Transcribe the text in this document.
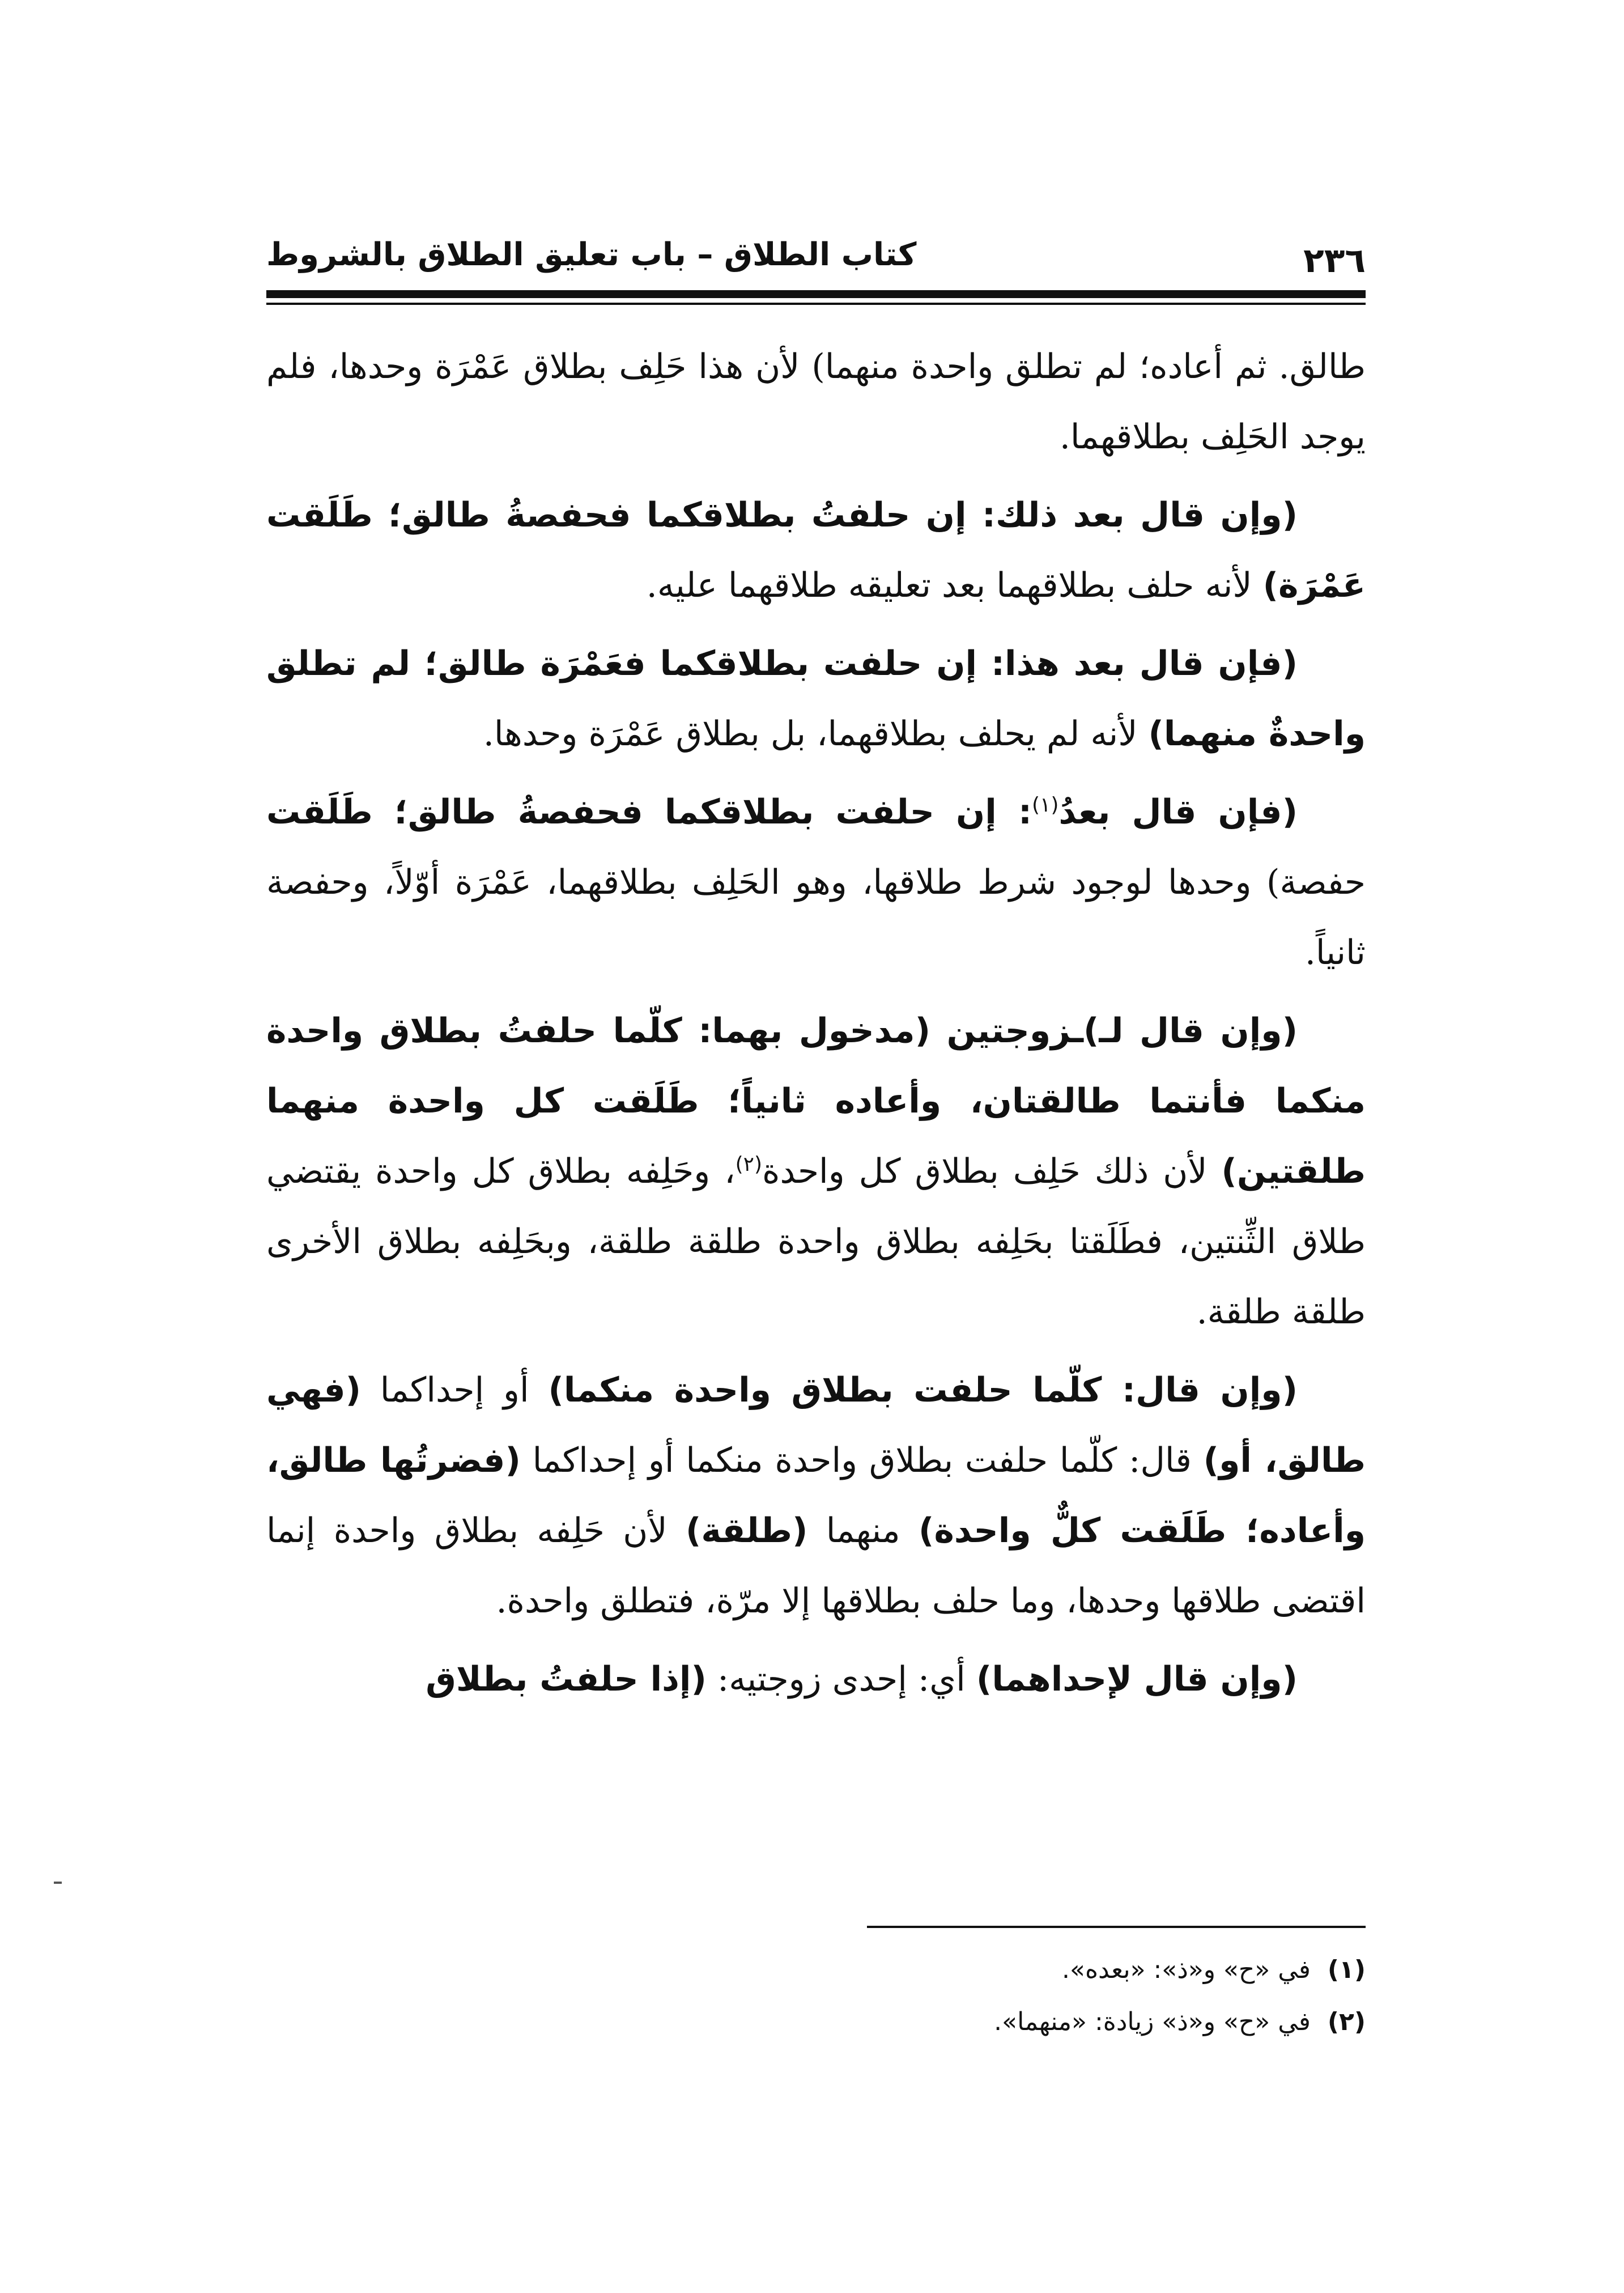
كتاب الطلاق – باب تعليق الطلاق بالشروط	٢٣٦

طالق. ثم أعاده؛ لم تطلق واحدة منهما) لأن هذا حَلِف بطلاق عَمْرَة وحدها، فلم يوجد الحَلِف بطلاقهما.

(وإن قال بعد ذلك: إن حلفتُ بطلاقكما فحفصةُ طالق؛ طَلَقت عَمْرَة) لأنه حلف بطلاقهما بعد تعليقه طلاقهما عليه.

(فإن قال بعد هذا: إن حلفت بطلاقكما فعَمْرَة طالق؛ لم تطلق واحدةٌ منهما) لأنه لم يحلف بطلاقهما، بل بطلاق عَمْرَة وحدها.

(فإن قال بعدُ$^{(١)}$: إن حلفت بطلاقكما فحفصةُ طالق؛ طَلَقت حفصة) وحدها لوجود شرط طلاقها، وهو الحَلِف بطلاقهما، عَمْرَة أوّلاً، وحفصة ثانياً.

(وإن قال لـ)ـزوجتين (مدخول بهما: كلّما حلفتُ بطلاق واحدة منكما فأنتما طالقتان، وأعاده ثانياً؛ طَلَقت كل واحدة منهما طلقتين) لأن ذلك حَلِف بطلاق كل واحدة$^{(٢)}$، وحَلِفه بطلاق كل واحدة يقتضي طلاق الثِّنتين، فطَلَقتا بحَلِفه بطلاق واحدة طلقة طلقة، وبحَلِفه بطلاق الأخرى طلقة طلقة.

(وإن قال: كلّما حلفت بطلاق واحدة منكما) أو إحداكما (فهي طالق، أو) قال: كلّما حلفت بطلاق واحدة منكما أو إحداكما (فضرتُها طالق، وأعاده؛ طَلَقت كلٌّ واحدة) منهما (طلقة) لأن حَلِفه بطلاق واحدة إنما اقتضى طلاقها وحدها، وما حلف بطلاقها إلا مرّة، فتطلق واحدة.

(وإن قال لإحداهما) أي: إحدى زوجتيه: (إذا حلفتُ بطلاق

(١)في «ح» و«ذ»: «بعده».

(٢)في «ح» و«ذ» زيادة: «منهما».
